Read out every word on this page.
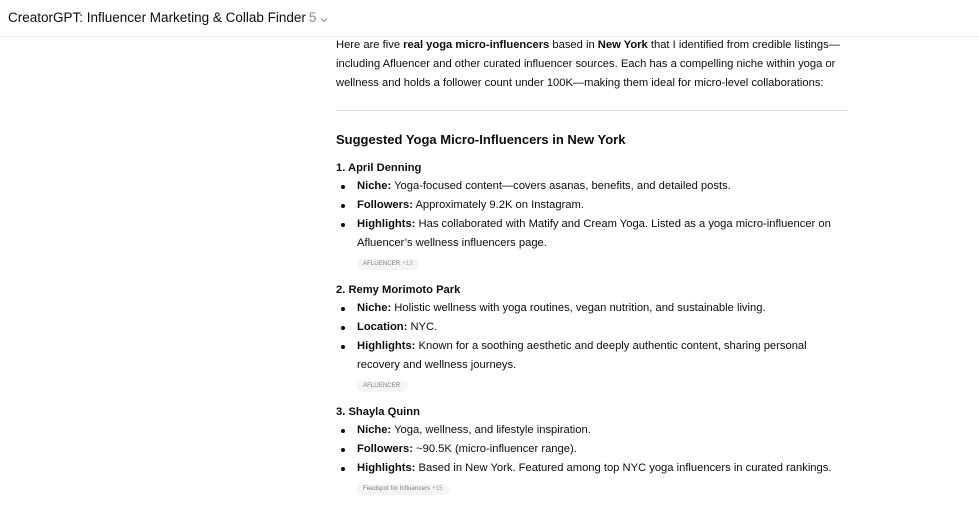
CreatorGPT: Influencer Marketing & Collab Finder 5

Here are five real yoga micro-influencers based in New York that I identified from credible listings—including Afluencer and other curated influencer sources. Each has a compelling niche within yoga or wellness and holds a follower count under 100K—making them ideal for micro-level collaborations:

Suggested Yoga Micro-Influencers in New York

1. April Denning

Niche: Yoga-focused content—covers asanas, benefits, and detailed posts.
Followers: Approximately 9.2K on Instagram.
Highlights: Has collaborated with Matify and Cream Yoga. Listed as a yoga micro-influencer on Afluencer’s wellness influencers page.
AFLUENCER +13

2. Remy Morimoto Park

Niche: Holistic wellness with yoga routines, vegan nutrition, and sustainable living.
Location: NYC.
Highlights: Known for a soothing aesthetic and deeply authentic content, sharing personal recovery and wellness journeys.
AFLUENCER

3. Shayla Quinn

Niche: Yoga, wellness, and lifestyle inspiration.
Followers: ~90.5K (micro-influencer range).
Highlights: Based in New York. Featured among top NYC yoga influencers in curated rankings.
Feedspot for Influencers +15
